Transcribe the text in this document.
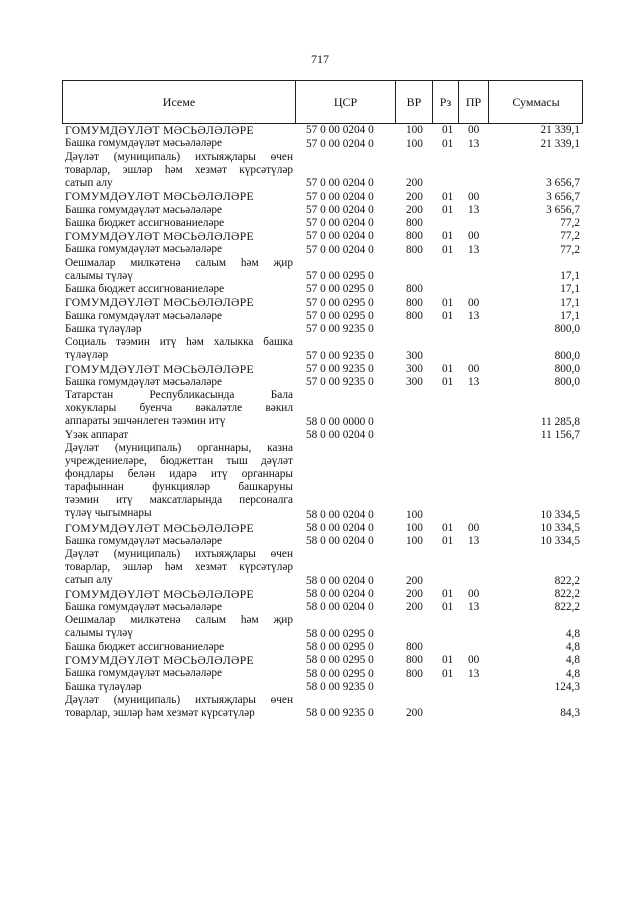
717
Исеме	ЦСР	ВР	Рз	ПР	Суммасы
ГОМУМДӘҮЛӘТ МӘСЬӘЛӘЛӘРЕ	57 0 00 0204 0	100 01 00	21 339,1
Башка гомумдәүләт мәсьәләләре	57 0 00 0204 0	100 01 13	21 339,1
Дәүләт (муниципаль) ихтыяҗлары өчен
товарлар, эшләр һәм хезмәт күрсәтүләр
сатып алу	57 0 00 0204 0	200	3 656,7
ГОМУМДӘҮЛӘТ МӘСЬӘЛӘЛӘРЕ	57 0 00 0204 0	200 01 00	3 656,7
Башка гомумдәүләт мәсьәләләре	57 0 00 0204 0	200 01 13	3 656,7
Башка бюджет ассигнованиеләре	57 0 00 0204 0	800	77,2
ГОМУМДӘҮЛӘТ МӘСЬӘЛӘЛӘРЕ	57 0 00 0204 0	800 01 00	77,2
Башка гомумдәүләт мәсьәләләре	57 0 00 0204 0	800 01 13	77,2
Оешмалар милкәтенә салым һәм җир
салымы түләү	57 0 00 0295 0	17,1
Башка бюджет ассигнованиеләре	57 0 00 0295 0	800	17,1
ГОМУМДӘҮЛӘТ МӘСЬӘЛӘЛӘРЕ	57 0 00 0295 0	800 01 00	17,1
Башка гомумдәүләт мәсьәләләре	57 0 00 0295 0	800 01 13	17,1
Башка түләүләр	57 0 00 9235 0	800,0
Социаль тәэмин итү һәм халыкка башка
түләүләр	57 0 00 9235 0	300	800,0
ГОМУМДӘҮЛӘТ МӘСЬӘЛӘЛӘРЕ	57 0 00 9235 0	300 01 00	800,0
Башка гомумдәүләт мәсьәләләре	57 0 00 9235 0	300 01 13	800,0
Татарстан Республикасында Бала
хокуклары буенча вәкаләтле вәкил
аппараты эшчәнлеген тәэмин итү	58 0 00 0000 0	11 285,8
Үзәк аппарат	58 0 00 0204 0	11 156,7
Дәүләт (муниципаль) органнары, казна
учреждениеләре, бюджеттан тыш дәүләт
фондлары белән идарә итү органнары
тарафыннан функцияләр башкаруны
тәэмин итү максатларында персоналга
түләү чыгымнары	58 0 00 0204 0	100	10 334,5
ГОМУМДӘҮЛӘТ МӘСЬӘЛӘЛӘРЕ	58 0 00 0204 0	100 01 00	10 334,5
Башка гомумдәүләт мәсьәләләре	58 0 00 0204 0	100 01 13	10 334,5
Дәүләт (муниципаль) ихтыяҗлары өчен
товарлар, эшләр һәм хезмәт күрсәтүләр
сатып алу	58 0 00 0204 0	200	822,2
ГОМУМДӘҮЛӘТ МӘСЬӘЛӘЛӘРЕ	58 0 00 0204 0	200 01 00	822,2
Башка гомумдәүләт мәсьәләләре	58 0 00 0204 0	200 01 13	822,2
Оешмалар милкәтенә салым һәм җир
салымы түләү	58 0 00 0295 0	4,8
Башка бюджет ассигнованиеләре	58 0 00 0295 0	800	4,8
ГОМУМДӘҮЛӘТ МӘСЬӘЛӘЛӘРЕ	58 0 00 0295 0	800 01 00	4,8
Башка гомумдәүләт мәсьәләләре	58 0 00 0295 0	800 01 13	4,8
Башка түләүләр	58 0 00 9235 0	124,3
Дәүләт (муниципаль) ихтыяҗлары өчен
товарлар, эшләр һәм хезмәт күрсәтүләр	58 0 00 9235 0	200	84,3
